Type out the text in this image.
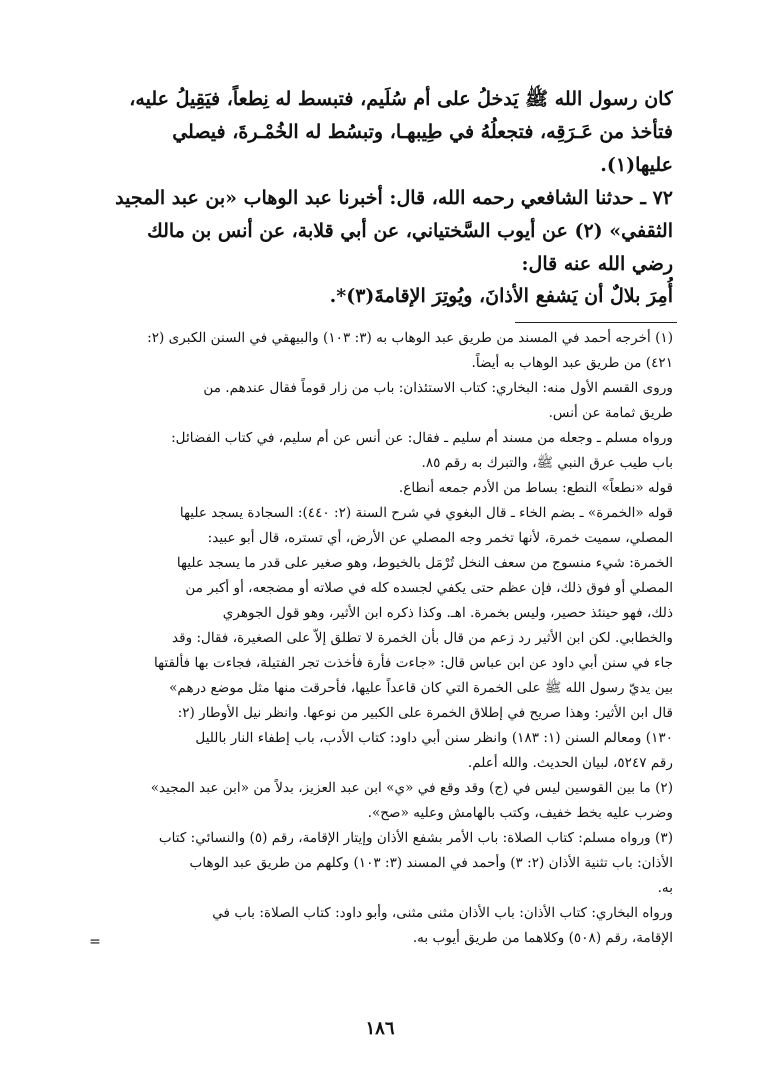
كان رسول الله ﷺ يَدخلُ على أم سُلَيم، فتبسط له نِطعاً، فيَقِيلُ عليه،
فتأخذ من عَـرَقِه، فتجعلُهُ في طِيبهـا، وتبسُط له الخُمْـرةَ، فيصلي
عليها(١).
٧٢ ـ حدثنا الشافعي رحمه الله، قال: أخبرنا عبد الوهاب «بن عبد المجيد
الثقفي» (٢) عن أيوب السَّختياني، عن أبي قلابة، عن أنس بن مالك
رضي الله عنه قال:
أُمِرَ بلالٌ أن يَشفع الأذانَ، ويُوتِرَ الإقامةَ(٣)*.
(١) أخرجه أحمد في المسند من طريق عبد الوهاب به (٣: ١٠٣) والبيهقي في السنن الكبرى (٢:
٤٢١) من طريق عبد الوهاب به أيضاً.
وروى القسم الأول منه: البخاري: كتاب الاستئذان: باب من زار قوماً فقال عندهم. من
طريق ثمامة عن أنس.
ورواه مسلم ـ وجعله من مسند أم سليم ـ فقال: عن أنس عن أم سليم، في كتاب الفضائل:
باب طيب عرق النبي ﷺ، والتبرك به رقم ٨٥.
قوله «نطعاً» النطع: بساط من الأدم جمعه أنطاع.
قوله «الخمرة» ـ بضم الخاء ـ قال البغوي في شرح السنة (٢: ٤٤٠): السجادة يسجد عليها
المصلي، سميت خمرة، لأنها تخمر وجه المصلي عن الأرض، أي تستره، قال أبو عبيد:
الخمرة: شيء منسوج من سعف النخل تُرْمَل بالخيوط، وهو صغير على قدر ما يسجد عليها
المصلي أو فوق ذلك، فإن عظم حتى يكفي لجسده كله في صلاته أو مضجعه، أو أكبر من
ذلك، فهو حينئذ حصير، وليس بخمرة. اهـ. وكذا ذكره ابن الأثير، وهو قول الجوهري
والخطابي. لكن ابن الأثير رد زعم من قال بأن الخمرة لا تطلق إلاّ على الصغيرة، فقال: وقد
جاء في سنن أبي داود عن ابن عباس قال: «جاءت فأرة فأخذت تجر الفتيلة، فجاءت بها فألقتها
بين يديّ رسول الله ﷺ على الخمرة التي كان قاعداً عليها، فأحرقت منها مثل موضع درهم»
قال ابن الأثير: وهذا صريح في إطلاق الخمرة على الكبير من نوعها. وانظر نيل الأوطار (٢:
١٣٠) ومعالم السنن (١: ١٨٣) وانظر سنن أبي داود: كتاب الأدب، باب إطفاء النار بالليل
رقم ٥٢٤٧، لبيان الحديث. والله أعلم.
(٢) ما بين القوسين ليس في (ج) وقد وقع في «ي» ابن عبد العزيز، بدلاً من «ابن عبد المجيد»
وضرب عليه بخط خفيف، وكتب بالهامش وعليه «صح».
(٣) ورواه مسلم: كتاب الصلاة: باب الأمر بشفع الأذان وإيتار الإقامة، رقم (٥) والنسائي: كتاب
الأذان: باب تثنية الأذان (٢: ٣) وأحمد في المسند (٣: ١٠٣) وكلهم من طريق عبد الوهاب
به.
ورواه البخاري: كتاب الأذان: باب الأذان مثنى مثنى، وأبو داود: كتاب الصلاة: باب في
الإقامة، رقم (٥٠٨) وكلاهما من طريق أيوب به.
=
١٨٦
